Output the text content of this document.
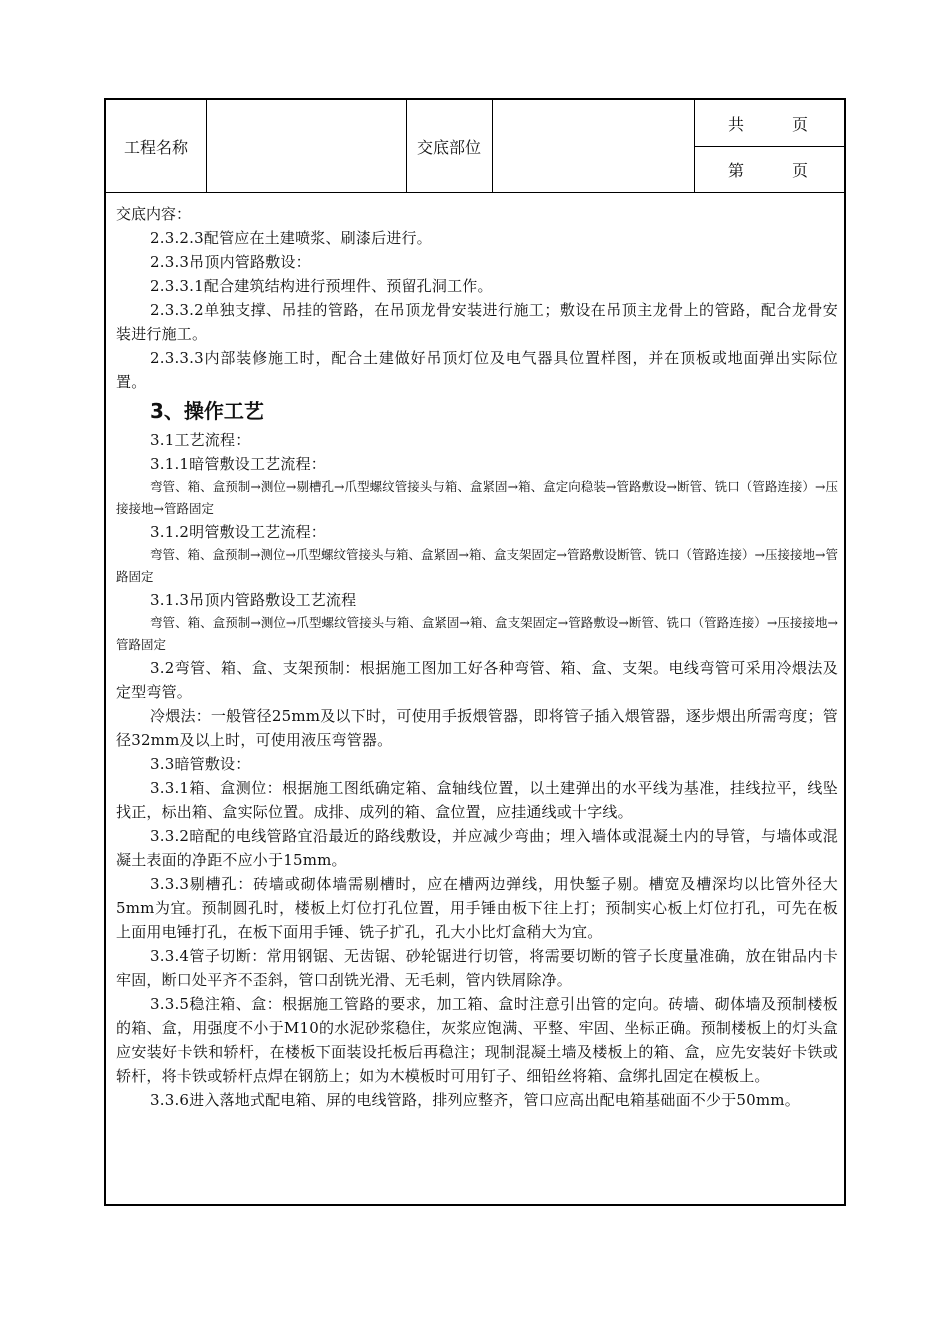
工程名称	交底部位
共　　　页
第　　　页
交底内容：

2.3.2.3配管应在土建喷浆、刷漆后进行。

2.3.3吊顶内管路敷设：

2.3.3.1配合建筑结构进行预埋件、预留孔洞工作。

2.3.3.2单独支撑、吊挂的管路，在吊顶龙骨安装进行施工；敷设在吊顶主龙骨上的管路，配合龙骨安装进行施工。

2.3.3.3内部装修施工时，配合土建做好吊顶灯位及电气器具位置样图，并在顶板或地面弹出实际位置。

3、操作工艺

3.1工艺流程：

3.1.1暗管敷设工艺流程：

弯管、箱、盒预制→测位→剔槽孔→爪型螺纹管接头与箱、盒紧固→箱、盒定向稳装→管路敷设→断管、铣口（管路连接）→压接接地→管路固定

3.1.2明管敷设工艺流程：

弯管、箱、盒预制→测位→爪型螺纹管接头与箱、盒紧固→箱、盒支架固定→管路敷设断管、铣口（管路连接）→压接接地→管路固定

3.1.3吊顶内管路敷设工艺流程

弯管、箱、盒预制→测位→爪型螺纹管接头与箱、盒紧固→箱、盒支架固定→管路敷设→断管、铣口（管路连接）→压接接地→管路固定

3.2弯管、箱、盒、支架预制：根据施工图加工好各种弯管、箱、盒、支架。电线弯管可采用冷煨法及定型弯管。

冷煨法：一般管径25mm及以下时，可使用手扳煨管器，即将管子插入煨管器，逐步煨出所需弯度；管径32mm及以上时，可使用液压弯管器。

3.3暗管敷设：

3.3.1箱、盒测位：根据施工图纸确定箱、盒轴线位置，以土建弹出的水平线为基准，挂线拉平，线坠找正，标出箱、盒实际位置。成排、成列的箱、盒位置，应挂通线或十字线。

3.3.2暗配的电线管路宜沿最近的路线敷设，并应减少弯曲；埋入墙体或混凝土内的导管，与墙体或混凝土表面的净距不应小于15mm。

3.3.3剔槽孔：砖墙或砌体墙需剔槽时，应在槽两边弹线，用快錾子剔。槽宽及槽深均以比管外径大5mm为宜。预制圆孔时，楼板上灯位打孔位置，用手锤由板下往上打；预制实心板上灯位打孔，可先在板上面用电锤打孔，在板下面用手锤、铣子扩孔，孔大小比灯盒稍大为宜。

3.3.4管子切断：常用钢锯、无齿锯、砂轮锯进行切管，将需要切断的管子长度量准确，放在钳品内卡牢固，断口处平齐不歪斜，管口刮铣光滑、无毛刺，管内铁屑除净。

3.3.5稳注箱、盒：根据施工管路的要求，加工箱、盒时注意引出管的定向。砖墙、砌体墙及预制楼板的箱、盒，用强度不小于M10的水泥砂浆稳住，灰浆应饱满、平整、牢固、坐标正确。预制楼板上的灯头盒应安装好卡铁和轿杆，在楼板下面装设托板后再稳注；现制混凝土墙及楼板上的箱、盒，应先安装好卡铁或轿杆，将卡铁或轿杆点焊在钢筋上；如为木模板时可用钉子、细铅丝将箱、盒绑扎固定在模板上。

3.3.6进入落地式配电箱、屏的电线管路，排列应整齐，管口应高出配电箱基础面不少于50mm。
